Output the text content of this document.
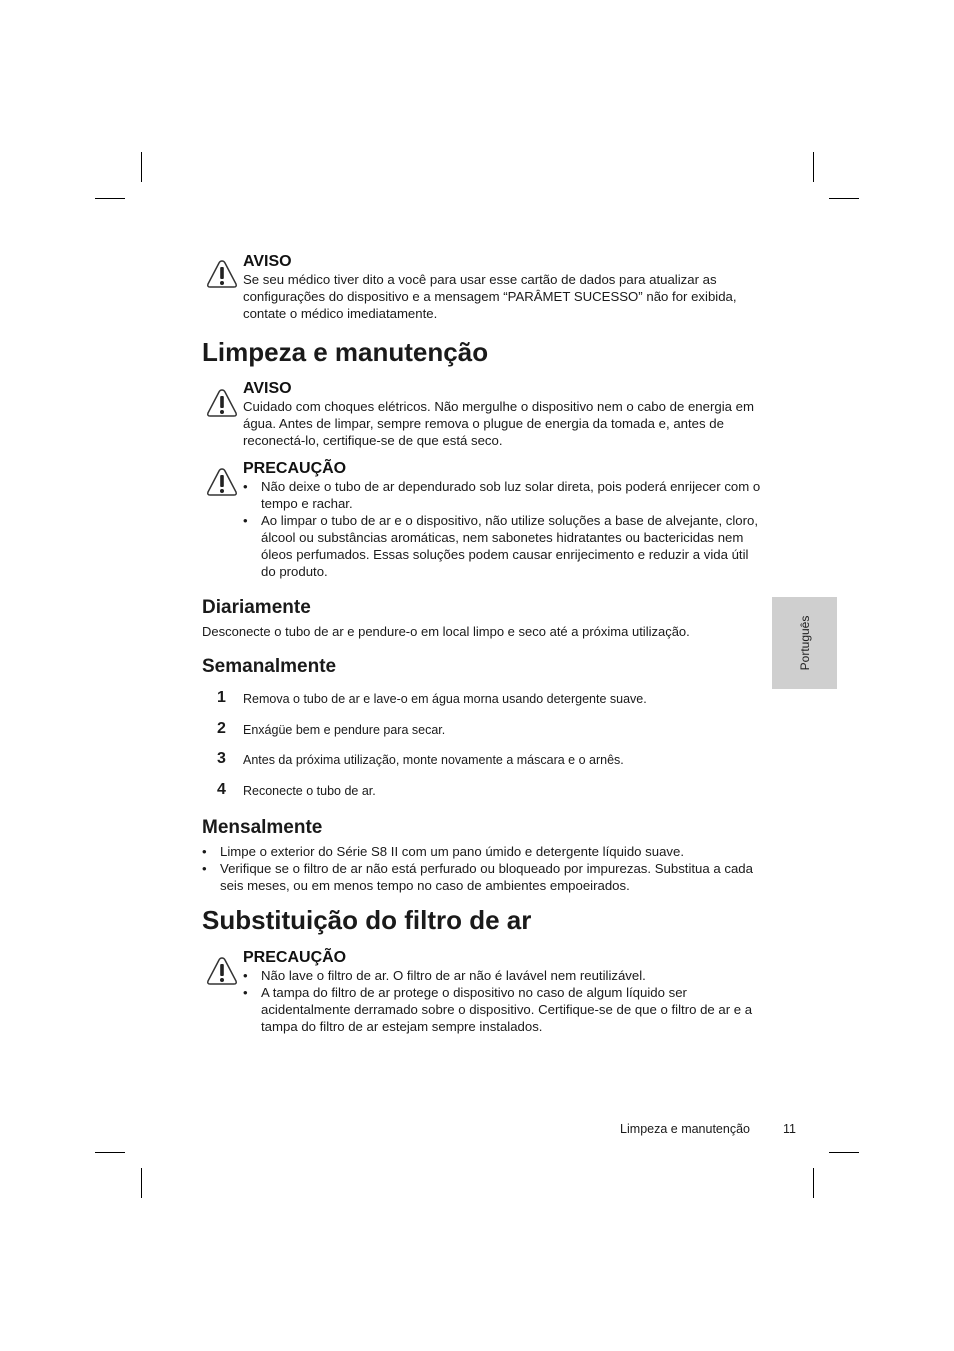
AVISO
Se seu médico tiver dito a você para usar esse cartão de dados para atualizar as configurações do dispositivo e a mensagem “PARÂMET SUCESSO” não for exibida, contate o médico imediatamente.
Limpeza e manutenção
AVISO
Cuidado com choques elétricos. Não mergulhe o dispositivo nem o cabo de energia em água. Antes de limpar, sempre remova o plugue de energia da tomada e, antes de reconectá-lo, certifique-se de que está seco.
PRECAUÇÃO
• Não deixe o tubo de ar dependurado sob luz solar direta, pois poderá enrijecer com o tempo e rachar.
• Ao limpar o tubo de ar e o dispositivo, não utilize soluções a base de alvejante, cloro, álcool ou substâncias aromáticas, nem sabonetes hidratantes ou bactericidas nem óleos perfumados. Essas soluções podem causar enrijecimento e reduzir a vida útil do produto.
Diariamente
Desconecte o tubo de ar e pendure-o em local limpo e seco até a próxima utilização.
Semanalmente
1 Remova o tubo de ar e lave-o em água morna usando detergente suave.
2 Enxágüe bem e pendure para secar.
3 Antes da próxima utilização, monte novamente a máscara e o arnês.
4 Reconecte o tubo de ar.
Mensalmente
• Limpe o exterior do Série S8 II com um pano úmido e detergente líquido suave.
• Verifique se o filtro de ar não está perfurado ou bloqueado por impurezas. Substitua a cada seis meses, ou em menos tempo no caso de ambientes empoeirados.
Substituição do filtro de ar
PRECAUÇÃO
• Não lave o filtro de ar. O filtro de ar não é lavável nem reutilizável.
• A tampa do filtro de ar protege o dispositivo no caso de algum líquido ser acidentalmente derramado sobre o dispositivo. Certifique-se de que o filtro de ar e a tampa do filtro de ar estejam sempre instalados.
Português
Limpeza e manutenção	11
